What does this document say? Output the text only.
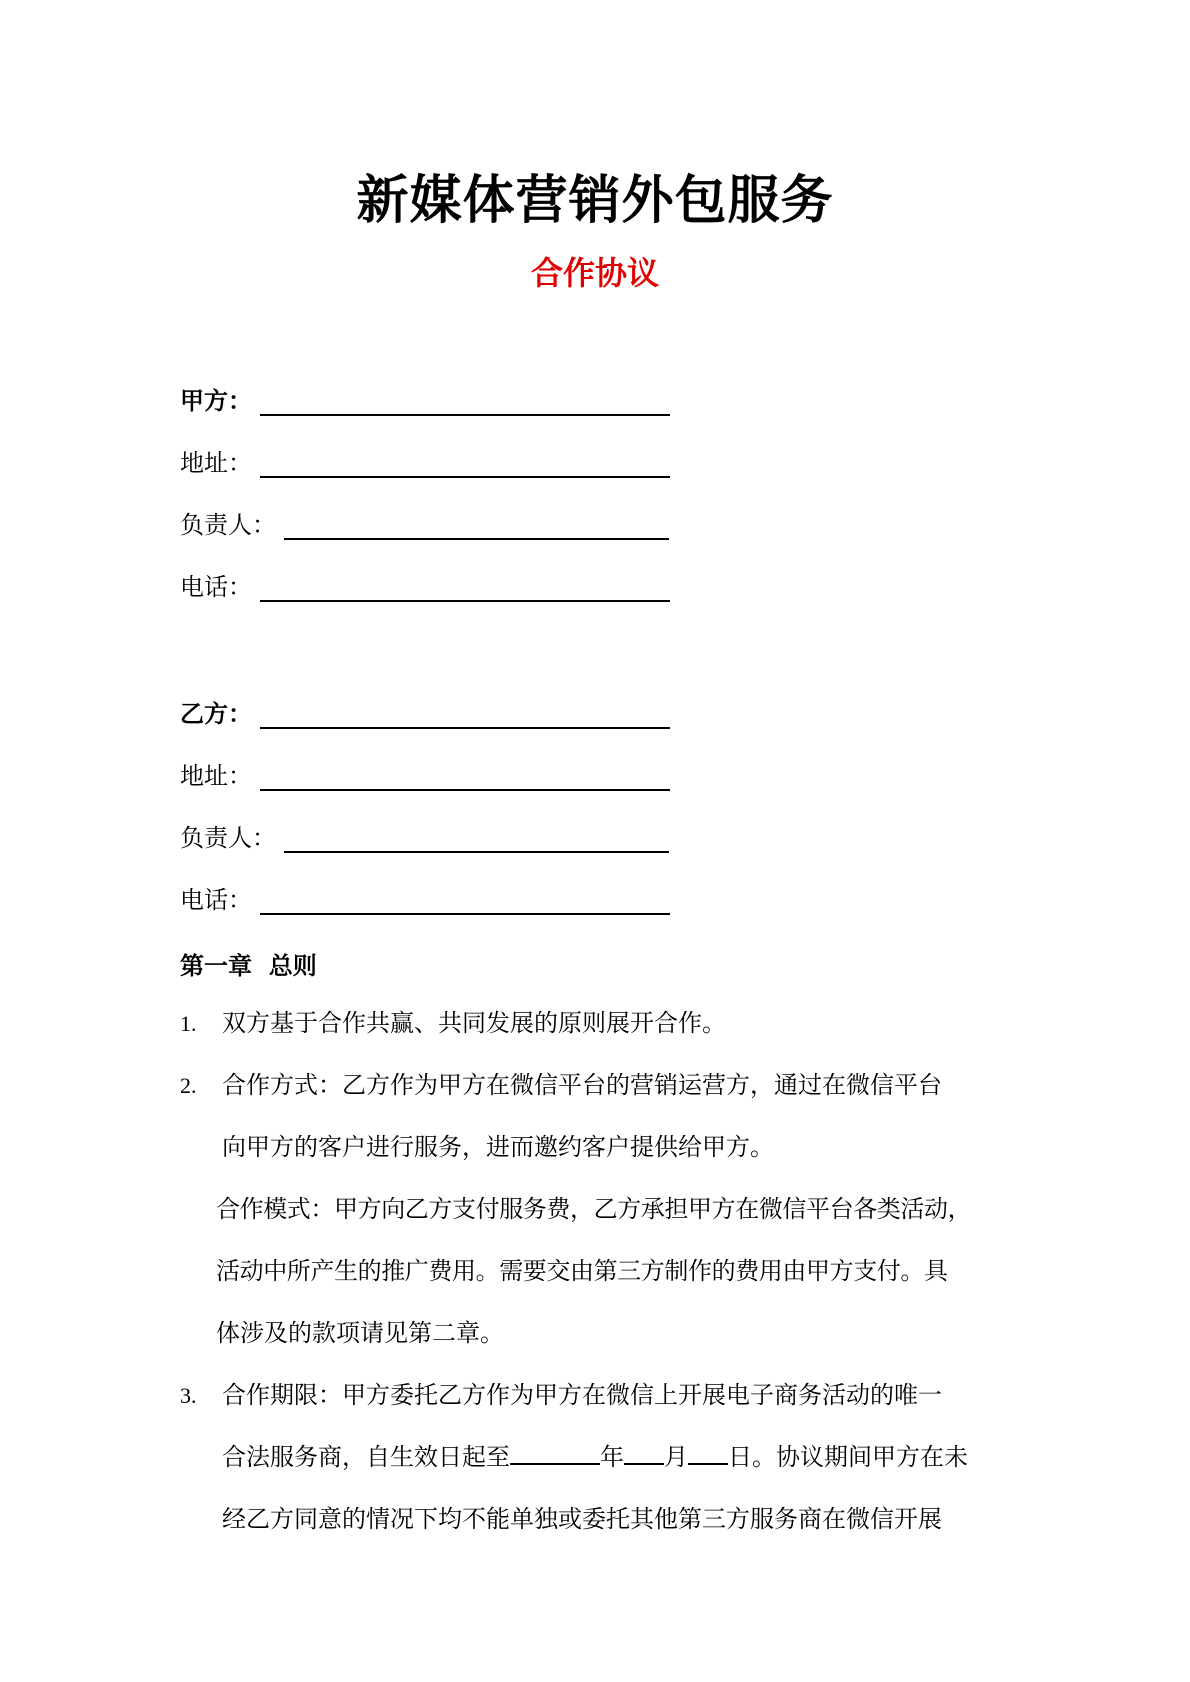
新媒体营销外包服务
合作协议
甲方：
地址：
负责人：
电话：
乙方：
地址：
负责人：
电话：
第一章  总则
1. 双方基于合作共赢、共同发展的原则展开合作。
2. 合作方式：乙方作为甲方在微信平台的营销运营方，通过在微信平台
向甲方的客户进行服务，进而邀约客户提供给甲方。
合作模式：甲方向乙方支付服务费，乙方承担甲方在微信平台各类活动，
活动中所产生的推广费用。需要交由第三方制作的费用由甲方支付。具
体涉及的款项请见第二章。
3. 合作期限：甲方委托乙方作为甲方在微信上开展电子商务活动的唯一
合法服务商，自生效日起至	年 月 日。协议期间甲方在未
经乙方同意的情况下均不能单独或委托其他第三方服务商在微信开展
